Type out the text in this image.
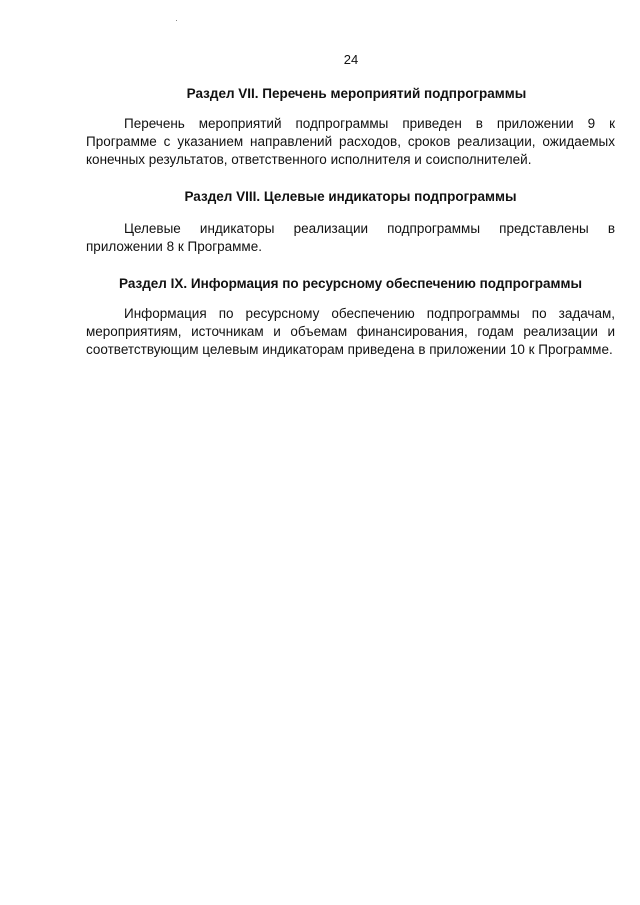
24
Раздел VII. Перечень мероприятий подпрограммы

Перечень мероприятий подпрограммы приведен в приложении 9 к Программе с указанием направлений расходов, сроков реализации, ожидаемых конечных результатов, ответственного исполнителя и соисполнителей.

Раздел VIII. Целевые индикаторы подпрограммы

Целевые индикаторы реализации подпрограммы представлены в приложении 8 к Программе.

Раздел IX. Информация по ресурсному обеспечению подпрограммы

Информация по ресурсному обеспечению подпрограммы по задачам, мероприятиям, источникам и объемам финансирования, годам реализации и соответствующим целевым индикаторам приведена в приложении 10 к Программе.
